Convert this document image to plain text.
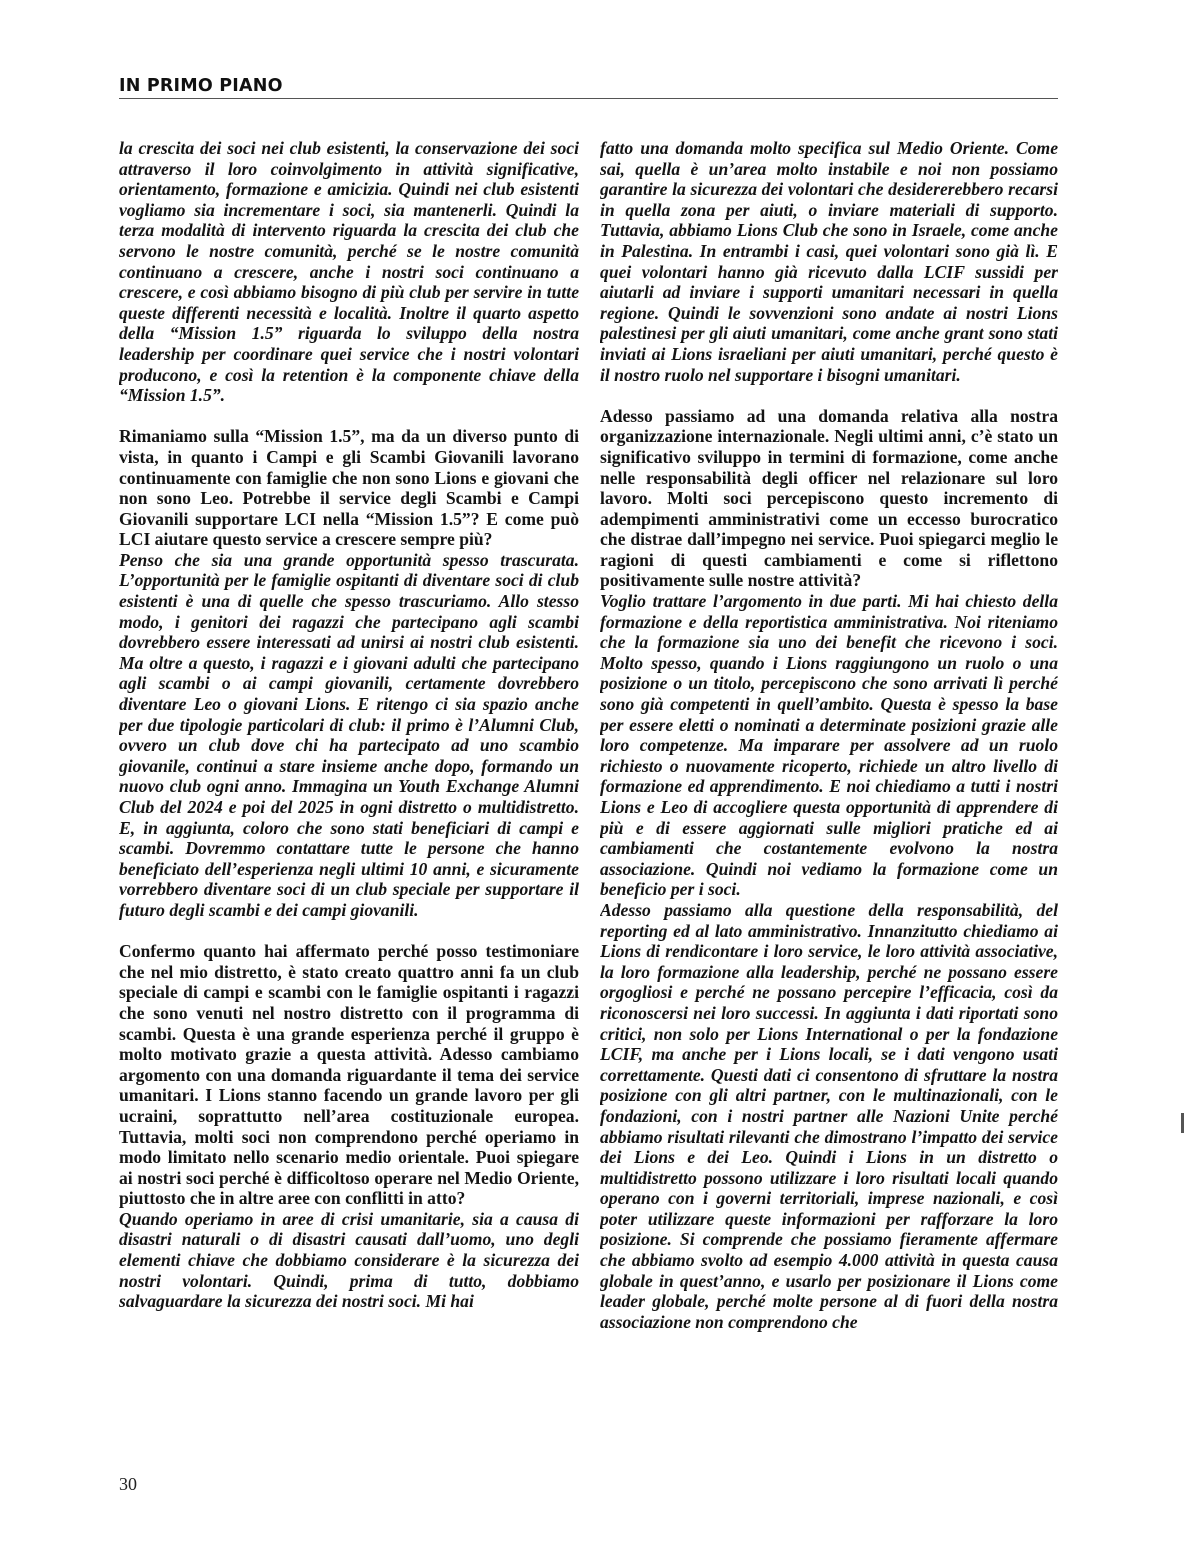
IN PRIMO PIANO

la crescita dei soci nei club esistenti, la conservazione dei soci attraverso il loro coinvolgimento in attività significative, orientamento, formazione e amicizia. Quindi nei club esistenti vogliamo sia incrementare i soci, sia mantenerli. Quindi la terza modalità di intervento riguarda la crescita dei club che servono le nostre comunità, perché se le nostre comunità continuano a crescere, anche i nostri soci continuano a crescere, e così abbiamo bisogno di più club per servire in tutte queste differenti necessità e località. Inoltre il quarto aspetto della “Mission 1.5” riguarda lo sviluppo della nostra leadership per coordinare quei service che i nostri volontari producono, e così la retention è la componente chiave della “Mission 1.5”.

Rimaniamo sulla “Mission 1.5”, ma da un diverso punto di vista, in quanto i Campi e gli Scambi Giovanili lavorano continuamente con famiglie che non sono Lions e giovani che non sono Leo. Potrebbe il service degli Scambi e Campi Giovanili supportare LCI nella “Mission 1.5”? E come può LCI aiutare questo service a crescere sempre più?

Penso che sia una grande opportunità spesso trascurata. L’opportunità per le famiglie ospitanti di diventare soci di club esistenti è una di quelle che spesso trascuriamo. Allo stesso modo, i genitori dei ragazzi che partecipano agli scambi dovrebbero essere interessati ad unirsi ai nostri club esistenti. Ma oltre a questo, i ragazzi e i giovani adulti che partecipano agli scambi o ai campi giovanili, certamente dovrebbero diventare Leo o giovani Lions. E ritengo ci sia spazio anche per due tipologie particolari di club: il primo è l’Alumni Club, ovvero un club dove chi ha partecipato ad uno scambio giovanile, continui a stare insieme anche dopo, formando un nuovo club ogni anno. Immagina un Youth Exchange Alumni Club del 2024 e poi del 2025 in ogni distretto o multidistretto. E, in aggiunta, coloro che sono stati beneficiari di campi e scambi. Dovremmo contattare tutte le persone che hanno beneficiato dell’esperienza negli ultimi 10 anni, e sicuramente vorrebbero diventare soci di un club speciale per supportare il futuro degli scambi e dei campi giovanili.

Confermo quanto hai affermato perché posso testimoniare che nel mio distretto, è stato creato quattro anni fa un club speciale di campi e scambi con le famiglie ospitanti i ragazzi che sono venuti nel nostro distretto con il programma di scambi. Questa è una grande esperienza perché il gruppo è molto motivato grazie a questa attività. Adesso cambiamo argomento con una domanda riguardante il tema dei service umanitari. I Lions stanno facendo un grande lavoro per gli ucraini, soprattutto nell’area costituzionale europea. Tuttavia, molti soci non comprendono perché operiamo in modo limitato nello scenario medio orientale. Puoi spiegare ai nostri soci perché è difficoltoso operare nel Medio Oriente, piuttosto che in altre aree con conflitti in atto?

Quando operiamo in aree di crisi umanitarie, sia a causa di disastri naturali o di disastri causati dall’uomo, uno degli elementi chiave che dobbiamo considerare è la sicurezza dei nostri volontari. Quindi, prima di tutto, dobbiamo salvaguardare la sicurezza dei nostri soci. Mi hai

fatto una domanda molto specifica sul Medio Oriente. Come sai, quella è un’area molto instabile e noi non possiamo garantire la sicurezza dei volontari che desidererebbero recarsi in quella zona per aiuti, o inviare materiali di supporto. Tuttavia, abbiamo Lions Club che sono in Israele, come anche in Palestina. In entrambi i casi, quei volontari sono già lì. E quei volontari hanno già ricevuto dalla LCIF sussidi per aiutarli ad inviare i supporti umanitari necessari in quella regione. Quindi le sovvenzioni sono andate ai nostri Lions palestinesi per gli aiuti umanitari, come anche grant sono stati inviati ai Lions israeliani per aiuti umanitari, perché questo è il nostro ruolo nel supportare i bisogni umanitari.

Adesso passiamo ad una domanda relativa alla nostra organizzazione internazionale. Negli ultimi anni, c’è stato un significativo sviluppo in termini di formazione, come anche nelle responsabilità degli officer nel relazionare sul loro lavoro. Molti soci percepiscono questo incremento di adempimenti amministrativi come un eccesso burocratico che distrae dall’impegno nei service. Puoi spiegarci meglio le ragioni di questi cambiamenti e come si riflettono positivamente sulle nostre attività?

Voglio trattare l’argomento in due parti. Mi hai chiesto della formazione e della reportistica amministrativa. Noi riteniamo che la formazione sia uno dei benefit che ricevono i soci. Molto spesso, quando i Lions raggiungono un ruolo o una posizione o un titolo, percepiscono che sono arrivati lì perché sono già competenti in quell’ambito. Questa è spesso la base per essere eletti o nominati a determinate posizioni grazie alle loro competenze. Ma imparare per assolvere ad un ruolo richiesto o nuovamente ricoperto, richiede un altro livello di formazione ed apprendimento. E noi chiediamo a tutti i nostri Lions e Leo di accogliere questa opportunità di apprendere di più e di essere aggiornati sulle migliori pratiche ed ai cambiamenti che costantemente evolvono la nostra associazione. Quindi noi vediamo la formazione come un beneficio per i soci.

Adesso passiamo alla questione della responsabilità, del reporting ed al lato amministrativo. Innanzitutto chiediamo ai Lions di rendicontare i loro service, le loro attività associative, la loro formazione alla leadership, perché ne possano essere orgogliosi e perché ne possano percepire l’efficacia, così da riconoscersi nei loro successi. In aggiunta i dati riportati sono critici, non solo per Lions International o per la fondazione LCIF, ma anche per i Lions locali, se i dati vengono usati correttamente. Questi dati ci consentono di sfruttare la nostra posizione con gli altri partner, con le multinazionali, con le fondazioni, con i nostri partner alle Nazioni Unite perché abbiamo risultati rilevanti che dimostrano l’impatto dei service dei Lions e dei Leo. Quindi i Lions in un distretto o multidistretto possono utilizzare i loro risultati locali quando operano con i governi territoriali, imprese nazionali, e così poter utilizzare queste informazioni per rafforzare la loro posizione. Si comprende che possiamo fieramente affermare che abbiamo svolto ad esempio 4.000 attività in questa causa globale in quest’anno, e usarlo per posizionare il Lions come leader globale, perché molte persone al di fuori della nostra associazione non comprendono che

30
